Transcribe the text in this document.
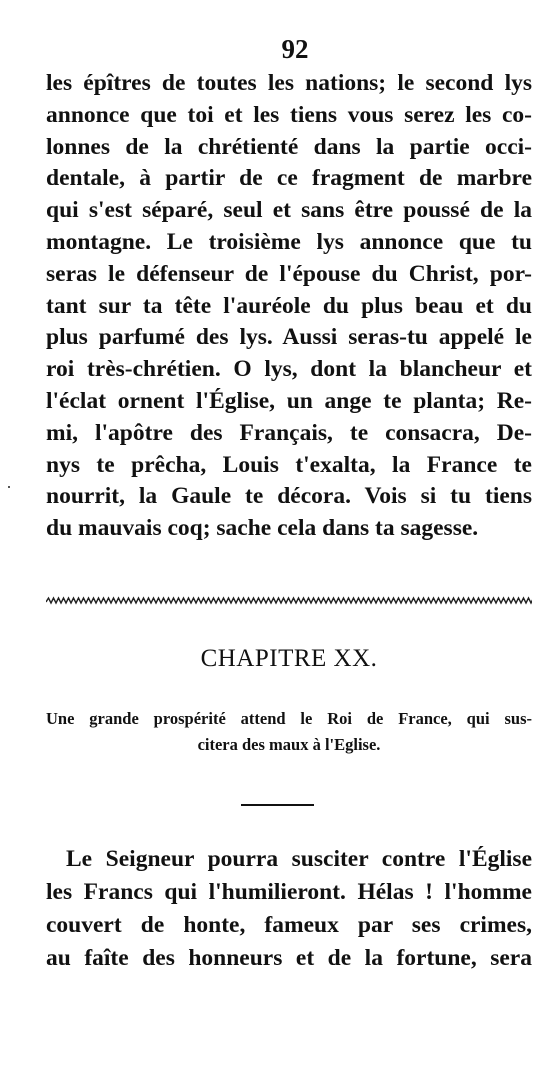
92
les épîtres de toutes les nations; le second lys
annonce que toi et les tiens vous serez les co-
lonnes de la chrétienté dans la partie occi-
dentale, à partir de ce fragment de marbre
qui s'est séparé, seul et sans être poussé de la
montagne. Le troisième lys annonce que tu
seras le défenseur de l'épouse du Christ, por-
tant sur ta tête l'auréole du plus beau et du
plus parfumé des lys. Aussi seras-tu appelé le
roi très-chrétien. O lys, dont la blancheur et
l'éclat ornent l'Église, un ange te planta; Re-
mi, l'apôtre des Français, te consacra, De-
nys te prêcha, Louis t'exalta, la France te
nourrit, la Gaule te décora. Vois si tu tiens
du mauvais coq; sache cela dans ta sagesse.
CHAPITRE XX.
Une grande prospérité attend le Roi de France, qui sus-
citera des maux à l'Eglise.
Le Seigneur pourra susciter contre l'Église
les Francs qui l'humilieront. Hélas ! l'homme
couvert de honte, fameux par ses crimes,
au faîte des honneurs et de la fortune, sera
